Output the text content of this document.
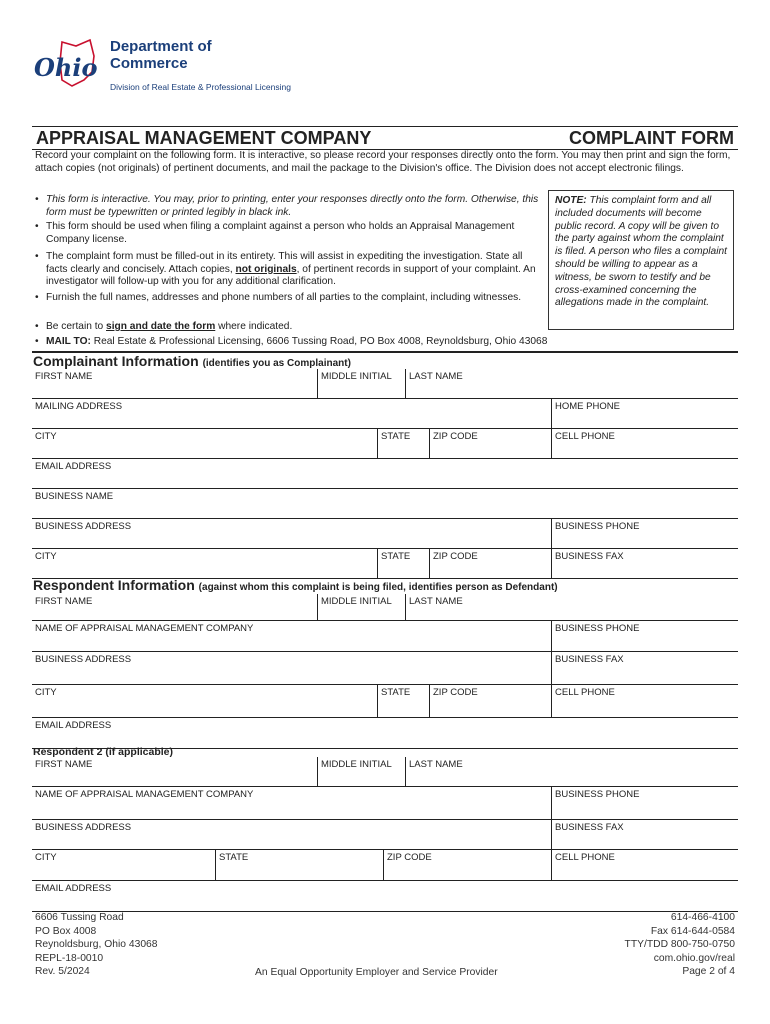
Ohio
Department of
Commerce
Division of Real Estate & Professional Licensing
APPRAISAL MANAGEMENT COMPANY	COMPLAINT FORM
Record your complaint on the following form. It is interactive, so please record your responses directly onto the form. You may then print and sign the form, attach copies (not originals) of pertinent documents, and mail the package to the Division's office. The Division does not accept electronic filings.
• This form is interactive. You may, prior to printing, enter your responses directly onto the form. Otherwise, this form must be typewritten or printed legibly in black ink.
• This form should be used when filing a complaint against a person who holds an Appraisal Management Company license.
• The complaint form must be filled-out in its entirety. This will assist in expediting the investigation. State all facts clearly and concisely. Attach copies, not originals, of pertinent records in support of your complaint. An investigator will follow-up with you for any additional clarification.
• Furnish the full names, addresses and phone numbers of all parties to the complaint, including witnesses.
• Be certain to sign and date the form where indicated.
• MAIL TO: Real Estate & Professional Licensing, 6606 Tussing Road, PO Box 4008, Reynoldsburg, Ohio 43068
NOTE: This complaint form and all included documents will become public record. A copy will be given to the party against whom the complaint is filed. A person who files a complaint should be willing to appear as a witness, be sworn to testify and be cross-examined concerning the allegations made in the complaint.
Complainant Information (identifies you as Complainant)
FIRST NAME	MIDDLE INITIAL	LAST NAME
MAILING ADDRESS	HOME PHONE
CITY	STATE	ZIP CODE	CELL PHONE
EMAIL ADDRESS
BUSINESS NAME
BUSINESS ADDRESS	BUSINESS PHONE
CITY	STATE	ZIP CODE	BUSINESS FAX
Respondent Information (against whom this complaint is being filed, identifies person as Defendant)
FIRST NAME	MIDDLE INITIAL	LAST NAME
NAME OF APPRAISAL MANAGEMENT COMPANY	BUSINESS PHONE
BUSINESS ADDRESS	BUSINESS FAX
CITY	STATE	ZIP CODE	CELL PHONE
EMAIL ADDRESS
Respondent 2 (if applicable)
FIRST NAME	MIDDLE INITIAL	LAST NAME
NAME OF APPRAISAL MANAGEMENT COMPANY	BUSINESS PHONE
BUSINESS ADDRESS	BUSINESS FAX
CITY	STATE	ZIP CODE	CELL PHONE
EMAIL ADDRESS
6606 Tussing Road
PO Box 4008
Reynoldsburg, Ohio 43068
REPL-18-0010
Rev. 5/2024	An Equal Opportunity Employer and Service Provider
614-466-4100
Fax 614-644-0584
TTY/TDD 800-750-0750
com.ohio.gov/real
Page 2 of 4
